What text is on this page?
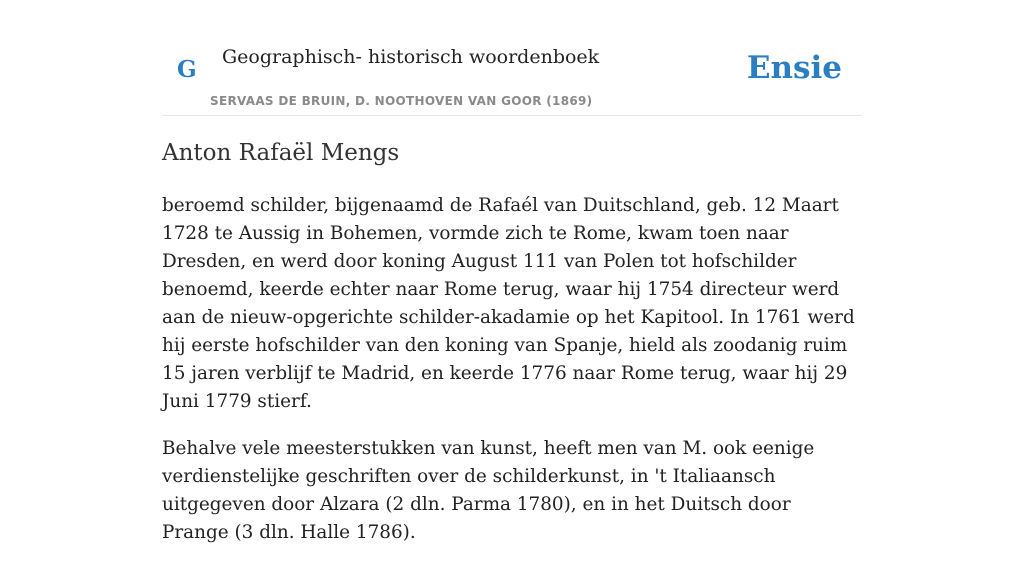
G Geographisch- historisch woordenboek
SERVAAS DE BRUIN, D. NOOTHOVEN VAN GOOR (1869)
Ensie
Anton Rafaël Mengs

beroemd schilder, bijgenaamd de Rafaél van Duitschland, geb. 12 Maart 1728 te Aussig in Bohemen, vormde zich te Rome, kwam toen naar Dresden, en werd door koning August 111 van Polen tot hofschilder benoemd, keerde echter naar Rome terug, waar hij 1754 directeur werd aan de nieuw-opgerichte schilder-akadamie op het Kapitool. In 1761 werd hij eerste hofschilder van den koning van Spanje, hield als zoodanig ruim 15 jaren verblijf te Madrid, en keerde 1776 naar Rome terug, waar hij 29 Juni 1779 stierf.

Behalve vele meesterstukken van kunst, heeft men van M. ook eenige verdienstelijke geschriften over de schilderkunst, in 't Italiaansch uitgegeven door Alzara (2 dln. Parma 1780), en in het Duitsch door Prange (3 dln. Halle 1786).
